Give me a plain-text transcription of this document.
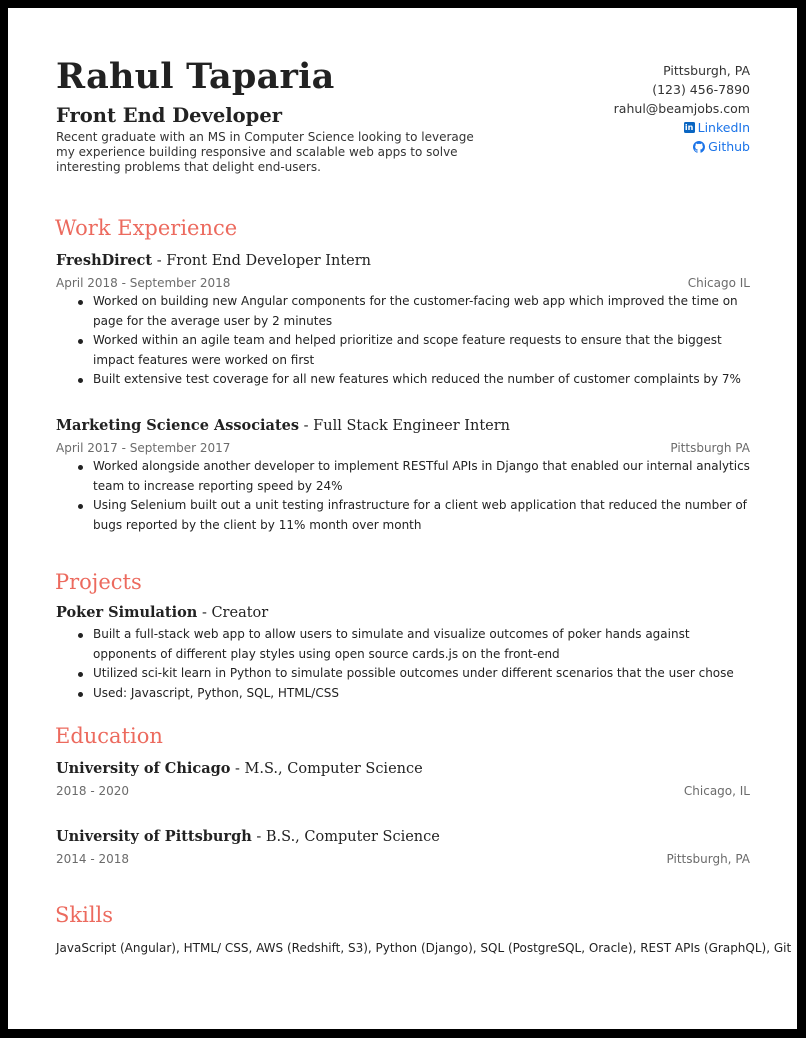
Rahul Taparia
Front End Developer
Recent graduate with an MS in Computer Science looking to leverage my experience building responsive and scalable web apps to solve interesting problems that delight end-users.
Pittsburgh, PA
(123) 456-7890
rahul@beamjobs.com
in LinkedIn
Github
Work Experience
FreshDirect - Front End Developer Intern
April 2018 - September 2018	Chicago IL
Worked on building new Angular components for the customer-facing web app which improved the time on page for the average user by 2 minutes
Worked within an agile team and helped prioritize and scope feature requests to ensure that the biggest impact features were worked on first
Built extensive test coverage for all new features which reduced the number of customer complaints by 7%
Marketing Science Associates - Full Stack Engineer Intern
April 2017 - September 2017	Pittsburgh PA
Worked alongside another developer to implement RESTful APIs in Django that enabled our internal analytics team to increase reporting speed by 24%
Using Selenium built out a unit testing infrastructure for a client web application that reduced the number of bugs reported by the client by 11% month over month
Projects
Poker Simulation - Creator
Built a full-stack web app to allow users to simulate and visualize outcomes of poker hands against opponents of different play styles using open source cards.js on the front-end
Utilized sci-kit learn in Python to simulate possible outcomes under different scenarios that the user chose
Used: Javascript, Python, SQL, HTML/CSS
Education
University of Chicago - M.S., Computer Science
2018 - 2020	Chicago, IL
University of Pittsburgh - B.S., Computer Science
2014 - 2018	Pittsburgh, PA
Skills
JavaScript (Angular), HTML/ CSS, AWS (Redshift, S3), Python (Django), SQL (PostgreSQL, Oracle), REST APIs (GraphQL), Git
